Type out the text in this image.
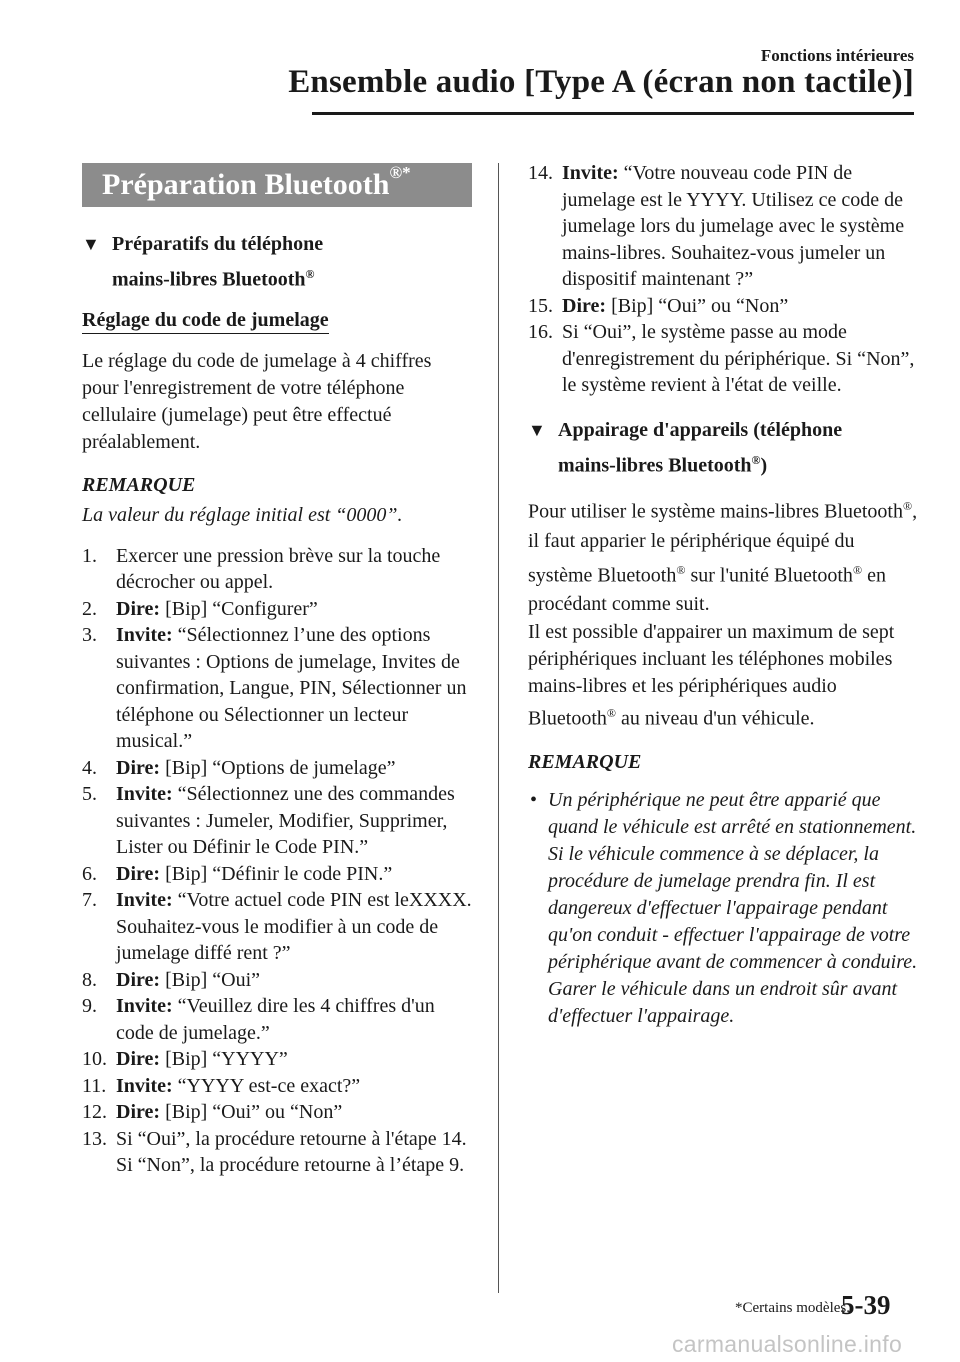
Fonctions intérieures
Ensemble audio [Type A (écran non tactile)]
Préparation Bluetooth®*
▼ Préparatifs du téléphone
mains-libres Bluetooth®
Réglage du code de jumelage

Le réglage du code de jumelage à 4 chiffres pour l'enregistrement de votre téléphone cellulaire (jumelage) peut être effectué préalablement.

REMARQUE
La valeur du réglage initial est “0000”.
1. Exercer une pression brève sur la touche décrocher ou appel.
2. Dire: [Bip] “Configurer”
3. Invite: “Sélectionnez l’une des options suivantes : Options de jumelage, Invites de confirmation, Langue, PIN, Sélectionner un téléphone ou Sélectionner un lecteur musical.”
4. Dire: [Bip] “Options de jumelage”
5. Invite: “Sélectionnez une des commandes suivantes : Jumeler, Modifier, Supprimer, Lister ou Définir le Code PIN.”
6. Dire: [Bip] “Définir le code PIN.”
7. Invite: “Votre actuel code PIN est leXXXX. Souhaitez-vous le modifier à un code de jumelage diffé rent ?”
8. Dire: [Bip] “Oui”
9. Invite: “Veuillez dire les 4 chiffres d'un code de jumelage.”
10. Dire: [Bip] “YYYY”
11. Invite: “YYYY est-ce exact?”
12. Dire: [Bip] “Oui” ou “Non”
13. Si “Oui”, la procédure retourne à l'étape 14. Si “Non”, la procédure retourne à l’étape 9.
14. Invite: “Votre nouveau code PIN de jumelage est le YYYY. Utilisez ce code de jumelage lors du jumelage avec le système mains-libres. Souhaitez-vous jumeler un dispositif maintenant ?”
15. Dire: [Bip] “Oui” ou “Non”
16. Si “Oui”, le système passe au mode d'enregistrement du périphérique. Si “Non”, le système revient à l'état de veille.
▼ Appairage d'appareils (téléphone
mains-libres Bluetooth®)

Pour utiliser le système mains-libres Bluetooth®, il faut apparier le périphérique équipé du système Bluetooth® sur l'unité Bluetooth® en procédant comme suit.

Il est possible d'appairer un maximum de sept périphériques incluant les téléphones mobiles mains-libres et les périphériques audio Bluetooth® au niveau d'un véhicule.

REMARQUE
• Un périphérique ne peut être apparié que quand le véhicule est arrêté en stationnement. Si le véhicule commence à se déplacer, la procédure de jumelage prendra fin. Il est dangereux d'effectuer l'appairage pendant qu'on conduit - effectuer l'appairage de votre périphérique avant de commencer à conduire. Garer le véhicule dans un endroit sûr avant d'effectuer l'appairage.
*Certains modèles.
5-39
carmanualsonline.info
